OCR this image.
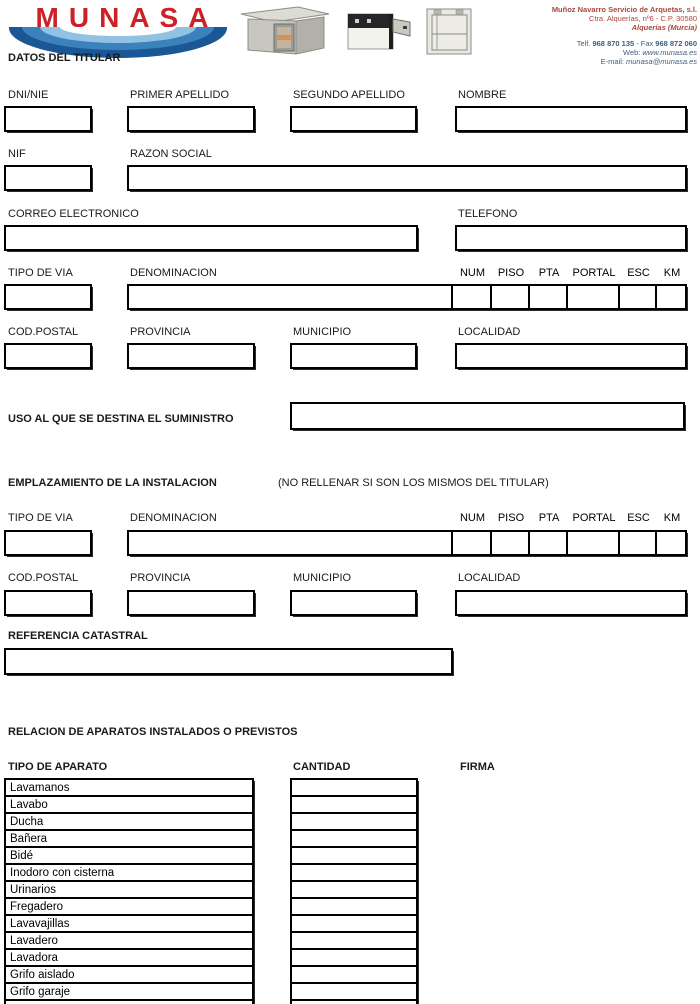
MUNASA	Muñoz Navarro Servicio de Arquetas, s.l.
Ctra. Alquerías, nº6 - C.P. 30580
Alquerías (Murcia)
Telf. 968 870 135 - Fax 968 872 060
Web: www.munasa.es
E-mail: munasa@munasa.es
DATOS DEL TITULAR
DNI/NIE	PRIMER APELLIDO	SEGUNDO APELLIDO	NOMBRE
NIF	RAZON SOCIAL
CORREO ELECTRONICO	TELEFONO
TIPO DE VIA	DENOMINACION	NUM	PISO	PTA	PORTAL	ESC	KM
COD.POSTAL	PROVINCIA	MUNICIPIO	LOCALIDAD
USO AL QUE SE DESTINA EL SUMINISTRO
EMPLAZAMIENTO DE LA INSTALACION	(NO RELLENAR SI SON LOS MISMOS DEL TITULAR)
TIPO DE VIA	DENOMINACION	NUM	PISO	PTA	PORTAL	ESC	KM
COD.POSTAL	PROVINCIA	MUNICIPIO	LOCALIDAD
REFERENCIA CATASTRAL
RELACION DE APARATOS INSTALADOS O PREVISTOS
TIPO DE APARATO	CANTIDAD	FIRMA
Lavamanos
Lavabo
Ducha
Bañera
Bidé
Inodoro con cisterna
Urinarios
Fregadero
Lavavajillas
Lavadero
Lavadora
Grifo aislado
Grifo garaje
